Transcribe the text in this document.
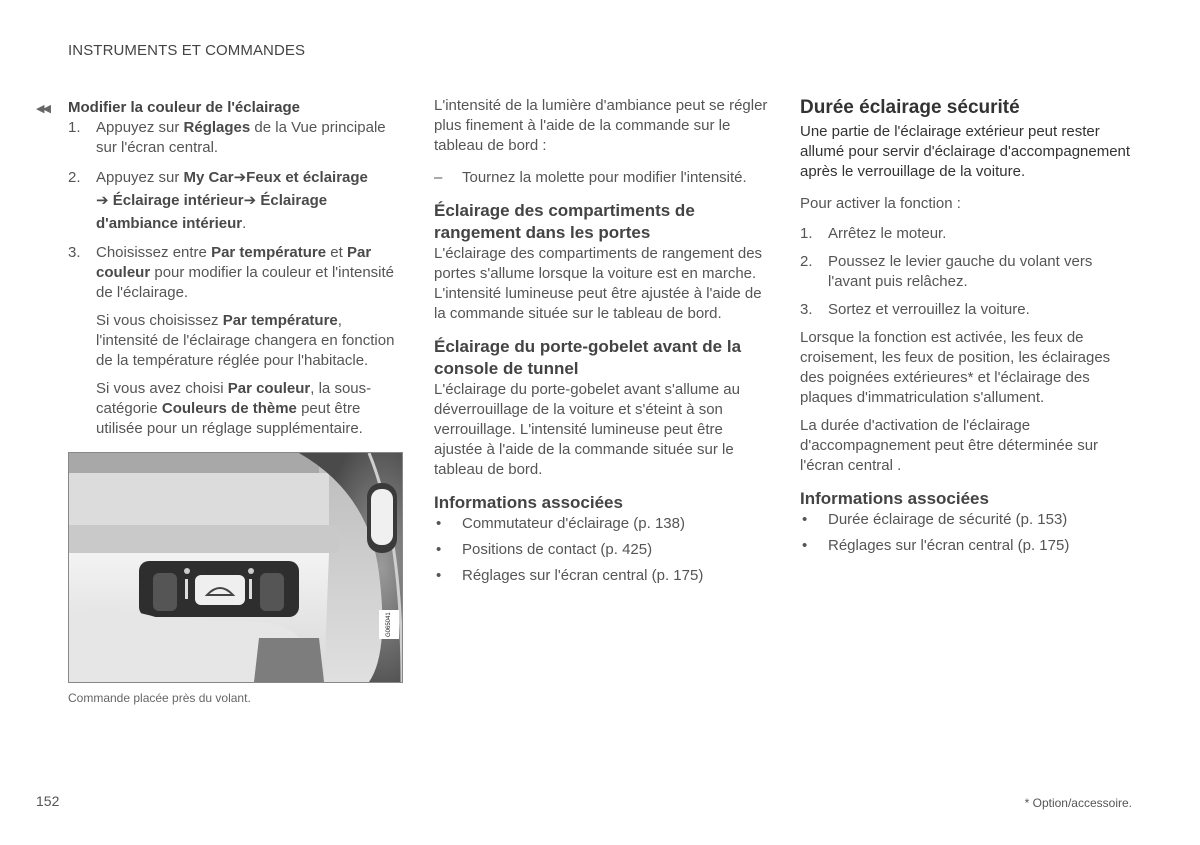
INSTRUMENTS ET COMMANDES
◀◀ Modifier la couleur de l'éclairage
1. Appuyez sur Réglages de la Vue principale sur l'écran central.
2. Appuyez sur My Car➔Feux et éclairage
➔ Éclairage intérieur➔ Éclairage d'ambiance intérieur.
3. Choisissez entre Par température et Par couleur pour modifier la couleur et l'intensité de l'éclairage.
Si vous choisissez Par température, l'intensité de l'éclairage changera en fonction de la température réglée pour l'habitacle.
Si vous avez choisi Par couleur, la sous-catégorie Couleurs de thème peut être utilisée pour un réglage supplémentaire.
G065041
Commande placée près du volant.

L'intensité de la lumière d'ambiance peut se régler plus finement à l'aide de la commande sur le tableau de bord :

– Tournez la molette pour modifier l'intensité.
Éclairage des compartiments de rangement dans les portes

L'éclairage des compartiments de rangement des portes s'allume lorsque la voiture est en marche. L'intensité lumineuse peut être ajustée à l'aide de la commande située sur le tableau de bord.

Éclairage du porte-gobelet avant de la console de tunnel

L'éclairage du porte-gobelet avant s'allume au déverrouillage de la voiture et s'éteint à son verrouillage. L'intensité lumineuse peut être ajustée à l'aide de la commande située sur le tableau de bord.

Informations associées
• Commutateur d'éclairage (p. 138)
• Positions de contact (p. 425)
• Réglages sur l'écran central (p. 175)
Durée éclairage sécurité

Une partie de l'éclairage extérieur peut rester allumé pour servir d'éclairage d'accompagnement après le verrouillage de la voiture.

Pour activer la fonction :

1. Arrêtez le moteur.
2. Poussez le levier gauche du volant vers l'avant puis relâchez.
3. Sortez et verrouillez la voiture.

Lorsque la fonction est activée, les feux de croisement, les feux de position, les éclairages des poignées extérieures* et l'éclairage des plaques d'immatriculation s'allument.

La durée d'activation de l'éclairage d'accompagnement peut être déterminée sur l'écran central .

Informations associées
• Durée éclairage de sécurité (p. 153)
• Réglages sur l'écran central (p. 175)
152	* Option/accessoire.
